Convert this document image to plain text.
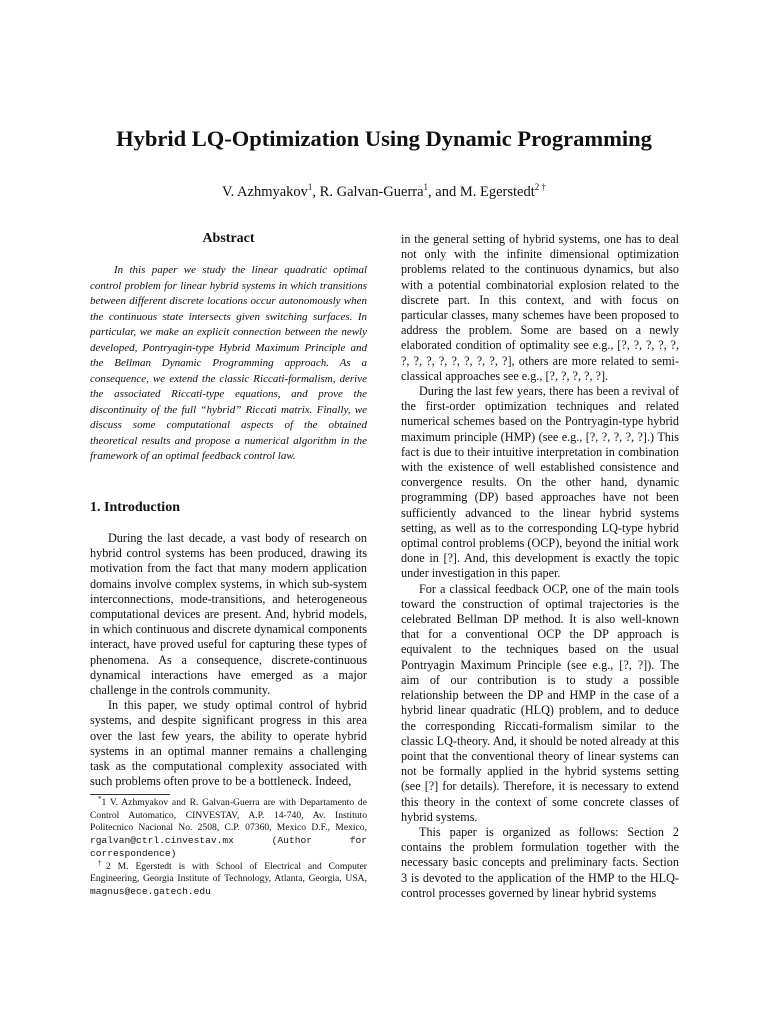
Hybrid LQ-Optimization Using Dynamic Programming

V. Azhmyakov$^1$, R. Galvan-Guerra$^1$, and M. Egerstedt$^{2 \dagger}$

Abstract

In this paper we study the linear quadratic optimal control problem for linear hybrid systems in which transitions between different discrete locations occur autonomously when the continuous state intersects given switching surfaces. In particular, we make an explicit connection between the newly developed, Pontryagin-type Hybrid Maximum Principle and the Bellman Dynamic Programming approach. As a consequence, we extend the classic Riccati-formalism, derive the associated Riccati-type equations, and prove the discontinuity of the full “hybrid” Riccati matrix. Finally, we discuss some computational aspects of the obtained theoretical results and propose a numerical algorithm in the framework of an optimal feedback control law.

1. Introduction

During the last decade, a vast body of research on hybrid control systems has been produced, drawing its motivation from the fact that many modern application domains involve complex systems, in which sub-system interconnections, mode-transitions, and heterogeneous computational devices are present. And, hybrid models, in which continuous and discrete dynamical components interact, have proved useful for capturing these types of phenomena. As a consequence, discrete-continuous dynamical interactions have emerged as a major challenge in the controls community.

In this paper, we study optimal control of hybrid systems, and despite significant progress in this area over the last few years, the ability to operate hybrid systems in an optimal manner remains a challenging task as the computational complexity associated with such problems often prove to be a bottleneck. Indeed,

*1 V. Azhmyakov and R. Galvan-Guerra are with Departamento de Control Automatico, CINVESTAV, A.P. 14-740, Av. Instituto Politecnico Nacional No. 2508, C.P. 07360, Mexico D.F., Mexico, rgalvan@ctrl.cinvestav.mx (Author for correspondence)

†2 M. Egerstedt is with School of Electrical and Computer Engineering, Georgia Institute of Technology, Atlanta, Georgia, USA, magnus@ece.gatech.edu

in the general setting of hybrid systems, one has to deal not only with the infinite dimensional optimization problems related to the continuous dynamics, but also with a potential combinatorial explosion related to the discrete part. In this context, and with focus on particular classes, many schemes have been proposed to address the problem. Some are based on a newly elaborated condition of optimality see e.g., [?, ?, ?, ?, ?, ?, ?, ?, ?, ?, ?, ?, ?, ?], others are more related to semi-classical approaches see e.g., [?, ?, ?, ?, ?].

During the last few years, there has been a revival of the first-order optimization techniques and related numerical schemes based on the Pontryagin-type hybrid maximum principle (HMP) (see e.g., [?, ?, ?, ?, ?].) This fact is due to their intuitive interpretation in combination with the existence of well established consistence and convergence results. On the other hand, dynamic programming (DP) based approaches have not been sufficiently advanced to the linear hybrid systems setting, as well as to the corresponding LQ-type hybrid optimal control problems (OCP), beyond the initial work done in [?]. And, this development is exactly the topic under investigation in this paper.

For a classical feedback OCP, one of the main tools toward the construction of optimal trajectories is the celebrated Bellman DP method. It is also well-known that for a conventional OCP the DP approach is equivalent to the techniques based on the usual Pontryagin Maximum Principle (see e.g., [?, ?]). The aim of our contribution is to study a possible relationship between the DP and HMP in the case of a hybrid linear quadratic (HLQ) problem, and to deduce the corresponding Riccati-formalism similar to the classic LQ-theory. And, it should be noted already at this point that the conventional theory of linear systems can not be formally applied in the hybrid systems setting (see [?] for details). Therefore, it is necessary to extend this theory in the context of some concrete classes of hybrid systems.

This paper is organized as follows: Section 2 contains the problem formulation together with the necessary basic concepts and preliminary facts. Section 3 is devoted to the application of the HMP to the HLQ-control processes governed by linear hybrid systems
